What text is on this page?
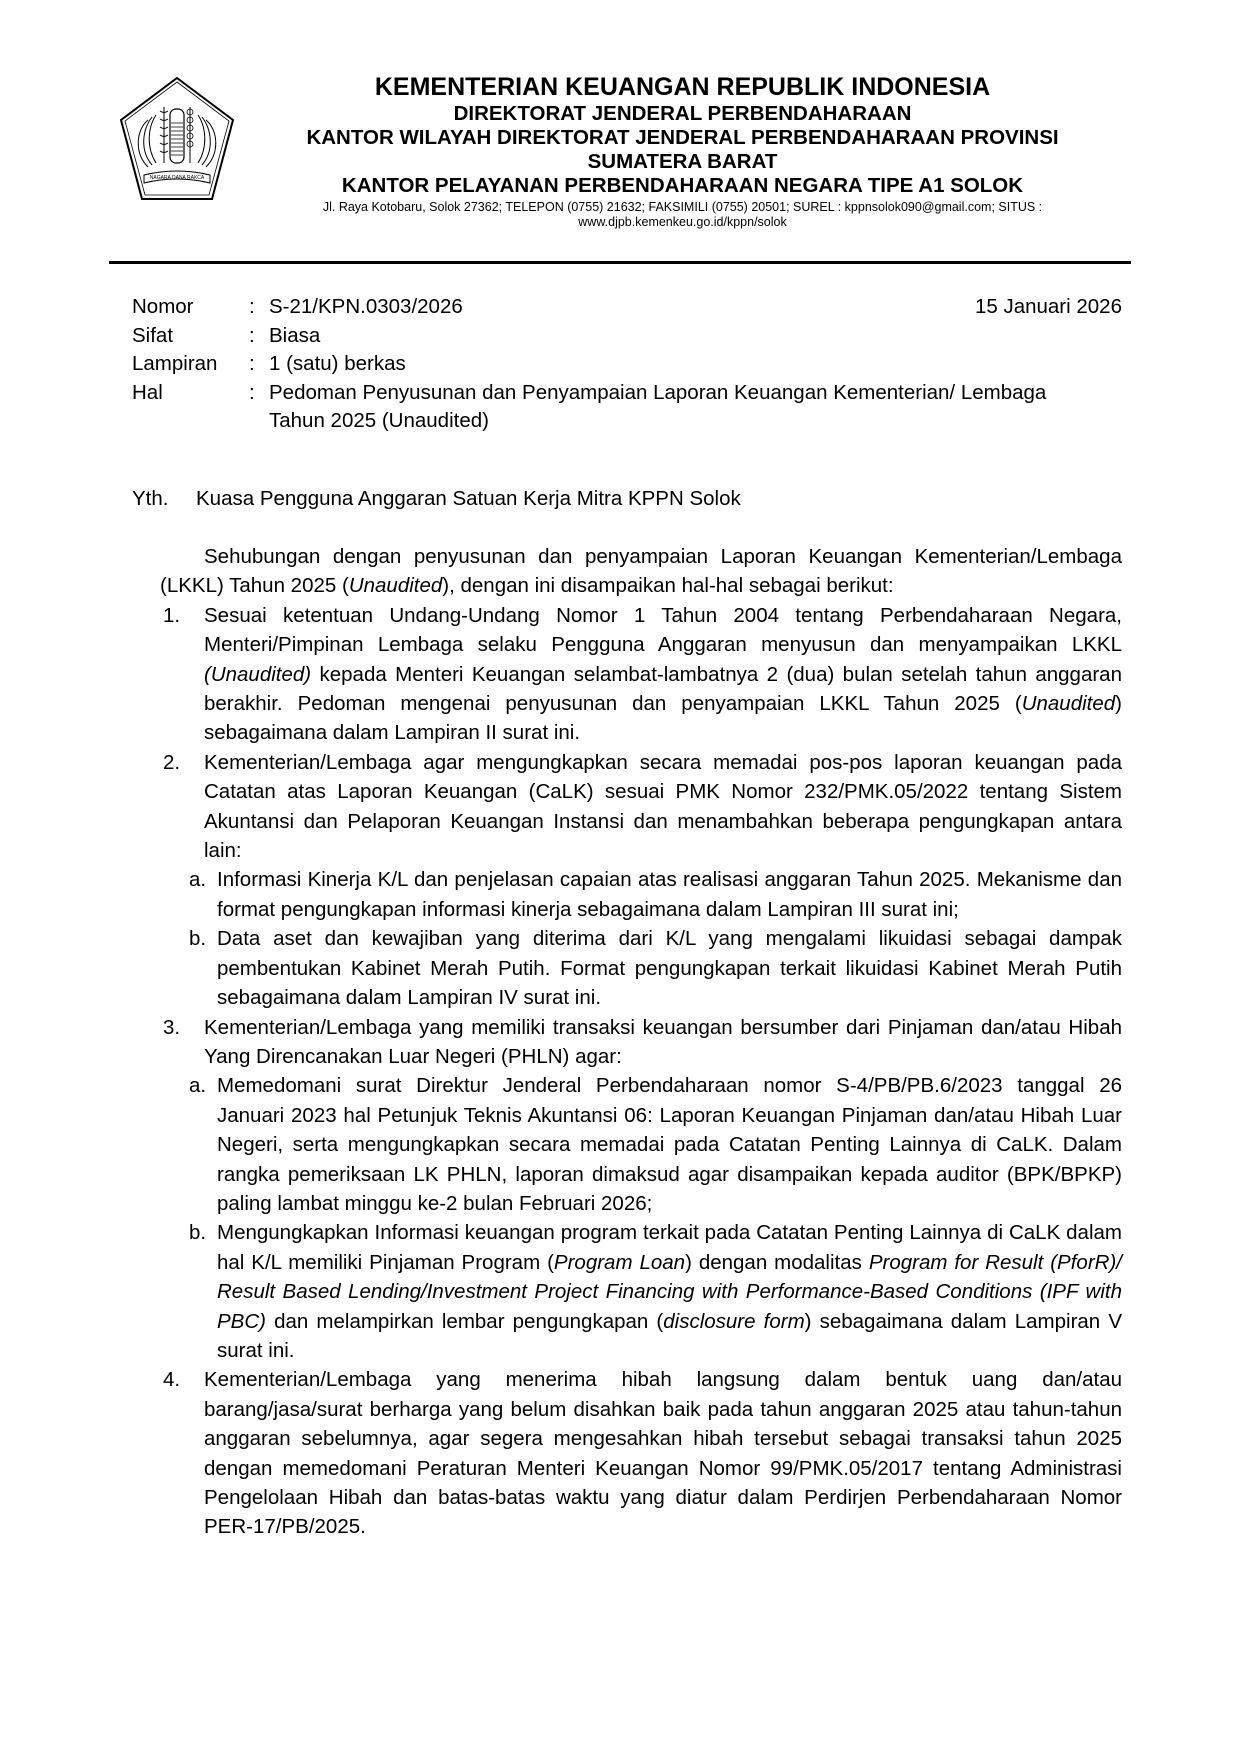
NAGARA DANA RAKCA
KEMENTERIAN KEUANGAN REPUBLIK INDONESIA
DIREKTORAT JENDERAL PERBENDAHARAAN
KANTOR WILAYAH DIREKTORAT JENDERAL PERBENDAHARAAN PROVINSI
SUMATERA BARAT
KANTOR PELAYANAN PERBENDAHARAAN NEGARA TIPE A1 SOLOK
Jl. Raya Kotobaru, Solok 27362; TELEPON (0755) 21632; FAKSIMILI (0755) 20501; SUREL : kppnsolok090@gmail.com; SITUS :
www.djpb.kemenkeu.go.id/kppn/solok
15 Januari 2026
Nomor	: S-21/KPN.0303/2026
Sifat	: Biasa
Lampiran	: 1 (satu) berkas
Hal	: Pedoman Penyusunan dan Penyampaian Laporan Keuangan Kementerian/ Lembaga Tahun 2025 (Unaudited)
Yth. Kuasa Pengguna Anggaran Satuan Kerja Mitra KPPN Solok
Sehubungan dengan penyusunan dan penyampaian Laporan Keuangan Kementerian/Lembaga (LKKL) Tahun 2025 (Unaudited), dengan ini disampaikan hal-hal sebagai berikut:
1. Sesuai ketentuan Undang-Undang Nomor 1 Tahun 2004 tentang Perbendaharaan Negara, Menteri/Pimpinan Lembaga selaku Pengguna Anggaran menyusun dan menyampaikan LKKL (Unaudited) kepada Menteri Keuangan selambat-lambatnya 2 (dua) bulan setelah tahun anggaran berakhir. Pedoman mengenai penyusunan dan penyampaian LKKL Tahun 2025 (Unaudited) sebagaimana dalam Lampiran II surat ini.
2. Kementerian/Lembaga agar mengungkapkan secara memadai pos-pos laporan keuangan pada Catatan atas Laporan Keuangan (CaLK) sesuai PMK Nomor 232/PMK.05/2022 tentang Sistem Akuntansi dan Pelaporan Keuangan Instansi dan menambahkan beberapa pengungkapan antara lain:
a. Informasi Kinerja K/L dan penjelasan capaian atas realisasi anggaran Tahun 2025. Mekanisme dan format pengungkapan informasi kinerja sebagaimana dalam Lampiran III surat ini;
b. Data aset dan kewajiban yang diterima dari K/L yang mengalami likuidasi sebagai dampak pembentukan Kabinet Merah Putih. Format pengungkapan terkait likuidasi Kabinet Merah Putih sebagaimana dalam Lampiran IV surat ini.
3. Kementerian/Lembaga yang memiliki transaksi keuangan bersumber dari Pinjaman dan/atau Hibah Yang Direncanakan Luar Negeri (PHLN) agar:
a. Memedomani surat Direktur Jenderal Perbendaharaan nomor S-4/PB/PB.6/2023 tanggal 26 Januari 2023 hal Petunjuk Teknis Akuntansi 06: Laporan Keuangan Pinjaman dan/atau Hibah Luar Negeri, serta mengungkapkan secara memadai pada Catatan Penting Lainnya di CaLK. Dalam rangka pemeriksaan LK PHLN, laporan dimaksud agar disampaikan kepada auditor (BPK/BPKP) paling lambat minggu ke-2 bulan Februari 2026;
b. Mengungkapkan Informasi keuangan program terkait pada Catatan Penting Lainnya di CaLK dalam hal K/L memiliki Pinjaman Program (Program Loan) dengan modalitas Program for Result (PforR)/ Result Based Lending/Investment Project Financing with Performance-Based Conditions (IPF with PBC) dan melampirkan lembar pengungkapan (disclosure form) sebagaimana dalam Lampiran V surat ini.
4. Kementerian/Lembaga yang menerima hibah langsung dalam bentuk uang dan/atau barang/jasa/surat berharga yang belum disahkan baik pada tahun anggaran 2025 atau tahun-tahun anggaran sebelumnya, agar segera mengesahkan hibah tersebut sebagai transaksi tahun 2025 dengan memedomani Peraturan Menteri Keuangan Nomor 99/PMK.05/2017 tentang Administrasi Pengelolaan Hibah dan batas-batas waktu yang diatur dalam Perdirjen Perbendaharaan Nomor PER-17/PB/2025.
